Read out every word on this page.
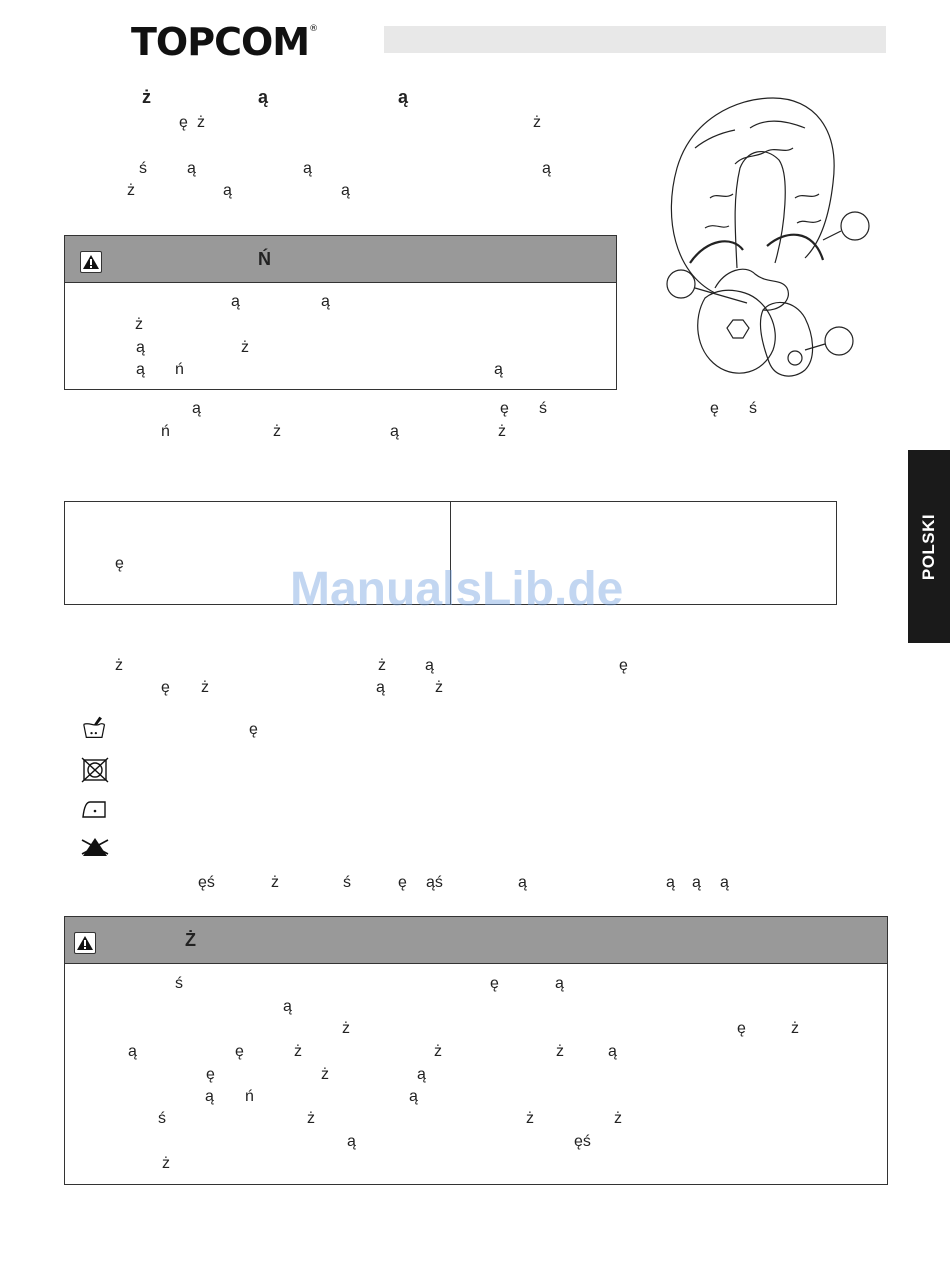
TOPCOM®
ż	ą	ą
ę ż	ż
ś	ą	ą	ą
ż	ą	ą
Ń
ą	ą
ż
ą	ż
ą ń	ą
ą	ę ś	ę ś
ń	ż	ą	ż
ę	ManualsLib.de
POLSKI
ż	ż ą	ę
ę ż	ą	ż
ę
ęś	ż	ś	ę ąś	ą	ą ą ą
Ż
ś	ę	ą
ą
ż	ę	ż
ą	ę	ż	ż	ż	ą
ę	ż	ą
ą ń	ą
ś	ż	ż	ż
ą	ęś
ż
